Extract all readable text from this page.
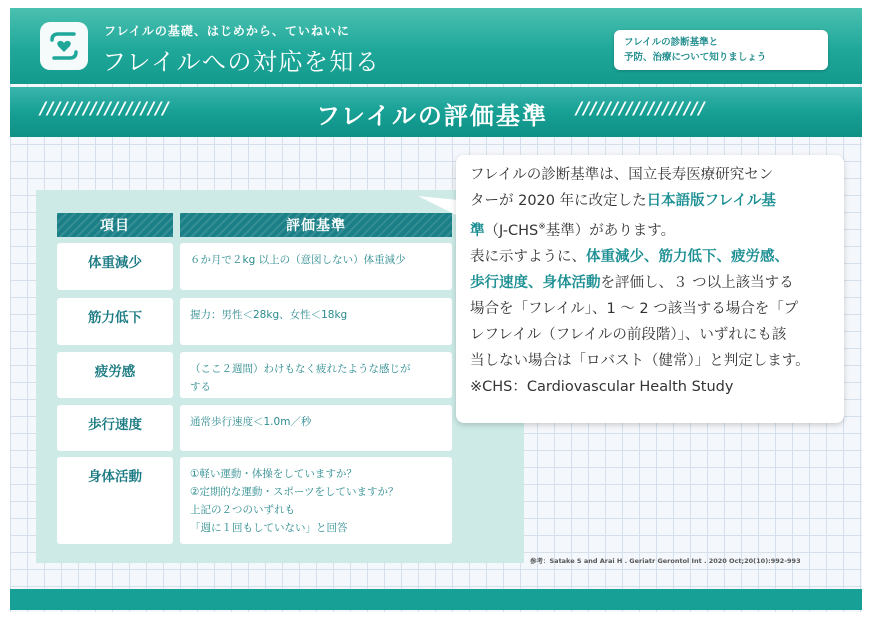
フレイルの基礎、はじめから、ていねいに
フレイルへの対応を知る
フレイルの診断基準と
予防、治療について知りましょう
//////////////////	フレイルの評価基準 //////////////////
項目	評価基準
体重減少	６か月で２kg 以上の（意図しない）体重減少
筋力低下	握力：男性＜28kg、女性＜18kg
疲労感	（ここ２週間）わけもなく疲れたような感じが
する
歩行速度	通常歩行速度＜1.0m／秒
身体活動	①軽い運動・体操をしていますか？
②定期的な運動・スポーツをしていますか？
上記の２つのいずれも
「週に１回もしていない」と回答
フレイルの診断基準は、国立長寿医療研究セン
ターが 2020 年に改定した日本語版フレイル基
準（J-CHS※基準）があります。
表に示すように、体重減少、筋力低下、疲労感、
歩行速度、身体活動を評価し、３ つ以上該当する
場合を「フレイル」、1 ～ 2 つ該当する場合を「プ
レフレイル（フレイルの前段階）」、いずれにも該
当しない場合は「ロバスト（健常）」と判定します。
※CHS：Cardiovascular Health Study
参考：Satake S and Arai H . Geriatr Gerontol Int . 2020 Oct;20(10):992-993
